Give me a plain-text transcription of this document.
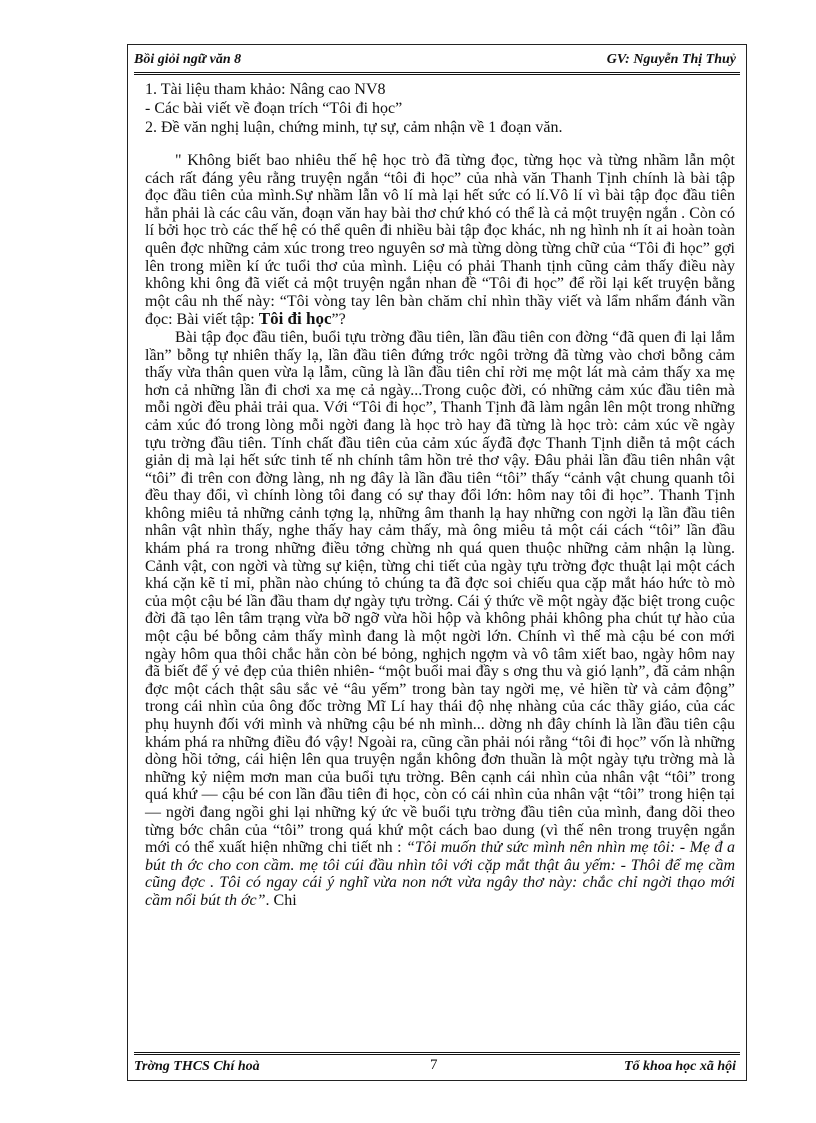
Bồi giỏi ngữ văn 8	GV: Nguyễn Thị Thuỷ
1. Tài liệu tham khảo: Nâng cao NV8
- Các bài viết về đoạn trích “Tôi đi học”
2. Đề văn nghị luận, chứng minh, tự sự, cảm nhận về 1 đoạn văn.

" Không biết bao nhiêu thế hệ học trò đã từng đọc, từng học và từng nhầm lẫn một cách rất đáng yêu rằng truyện ngắn “tôi đi học” của nhà văn Thanh Tịnh chính là bài tập đọc đầu tiên của mình.Sự nhầm lẫn vô lí mà lại hết sức có lí.Vô lí vì bài tập đọc đầu tiên hẳn phải là các câu văn, đoạn văn hay bài thơ chứ khó có thể là cả một truyện ngắn . Còn có lí bởi học trò các thế hệ có thể quên đi nhiều bài tập đọc khác, nh ng hình nh ít ai hoàn toàn quên đợc những cảm xúc trong treo nguyên sơ mà từng dòng từng chữ của “Tôi đi học” gợi lên trong miền kí ức tuổi thơ của mình. Liệu có phải Thanh tịnh cũng cảm thấy điều này không khi ông đã viết cả một truyện ngắn nhan đề “Tôi đi học” để rồi lại kết truyện bằng một câu nh thế này: “Tôi vòng tay lên bàn chăm chỉ nhìn thầy viết và lẩm nhẩm đánh vần đọc: Bài viết tập: Tôi đi học”?

Bài tập đọc đầu tiên, buổi tựu trờng đầu tiên, lần đầu tiên con đờng “đã quen đi lại lắm lần” bỗng tự nhiên thấy lạ, lần đầu tiên đứng trớc ngôi trờng đã từng vào chơi bỗng cảm thấy vừa thân quen vừa lạ lẫm, cũng là lần đầu tiên chỉ rời mẹ một lát mà cảm thấy xa mẹ hơn cả những lần đi chơi xa mẹ cả ngày...Trong cuộc đời, có những cảm xúc đầu tiên mà mỗi ngời đều phải trải qua. Với “Tôi đi học”, Thanh Tịnh đã làm ngân lên một trong những cảm xúc đó trong lòng mỗi ngời đang là học trò hay đã từng là học trò: cảm xúc về ngày tựu trờng đầu tiên. Tính chất đầu tiên của cảm xúc ấyđã đợc Thanh Tịnh diễn tả một cách giản dị mà lại hết sức tinh tế nh chính tâm hồn trẻ thơ vậy. Đâu phải lần đầu tiên nhân vật “tôi” đi trên con đờng làng, nh ng đây là lần đầu tiên “tôi” thấy “cảnh vật chung quanh tôi đều thay đổi, vì chính lòng tôi đang có sự thay đổi lớn: hôm nay tôi đi học”. Thanh Tịnh không miêu tả những cảnh tợng lạ, những âm thanh lạ hay những con ngời lạ lần đầu tiên nhân vật nhìn thấy, nghe thấy hay cảm thấy, mà ông miêu tả một cái cách “tôi” lần đầu khám phá ra trong những điều tởng chừng nh quá quen thuộc những cảm nhận lạ lùng. Cảnh vật, con ngời và từng sự kiện, từng chi tiết của ngày tựu trờng đợc thuật lại một cách khá cặn kẽ tỉ mỉ, phần nào chúng tỏ chúng ta đã đợc soi chiếu qua cặp mắt háo hức tò mò của một cậu bé lần đầu tham dự ngày tựu trờng. Cái ý thức về một ngày đặc biệt trong cuộc đời đã tạo lên tâm trạng vừa bỡ ngỡ vừa hồi hộp và không phải không pha chút tự hào của một cậu bé bỗng cảm thấy mình đang là một ngời lớn. Chính vì thế mà cậu bé con mới ngày hôm qua thôi chắc hẳn còn bé bỏng, nghịch ngợm và vô tâm xiết bao, ngày hôm nay đã biết để ý vẻ đẹp của thiên nhiên- “một buổi mai đầy s ơng thu và gió lạnh”, đã cảm nhận đợc một cách thật sâu sắc vẻ “âu yếm” trong bàn tay ngời mẹ, vẻ hiền từ và cảm động” trong cái nhìn của ông đốc trờng Mĩ Lí hay thái độ nhẹ nhàng của các thầy giáo, của các phụ huynh đối với mình và những cậu bé nh mình... dờng nh đây chính là lần đầu tiên cậu khám phá ra những điều đó vậy! Ngoài ra, cũng cần phải nói rằng “tôi đi học” vốn là những dòng hồi tởng, cái hiện lên qua truyện ngắn không đơn thuần là một ngày tựu trờng mà là những kỷ niệm mơn man của buổi tựu trờng. Bên cạnh cái nhìn của nhân vật “tôi” trong quá khứ — cậu bé con lần đầu tiên đi học, còn có cái nhìn của nhân vật “tôi” trong hiện tại — ngời đang ngồi ghi lại những ký ức về buổi tựu trờng đầu tiên của mình, đang dõi theo từng bớc chân của “tôi” trong quá khứ một cách bao dung (vì thế nên trong truyện ngắn mới có thể xuất hiện những chi tiết nh : “Tôi muốn thử sức mình nên nhìn mẹ tôi: - Mẹ đ a bút th ớc cho con cầm. mẹ tôi cúi đầu nhìn tôi với cặp mắt thật âu yếm: - Thôi để mẹ cầm cũng đợc . Tôi có ngay cái ý nghĩ vừa non nớt vừa ngây thơ này: chắc chỉ ngời thạo mới cầm nổi bút th ớc”. Chi

Trờng THCS Chí hoà	7	Tổ khoa học xã hội
